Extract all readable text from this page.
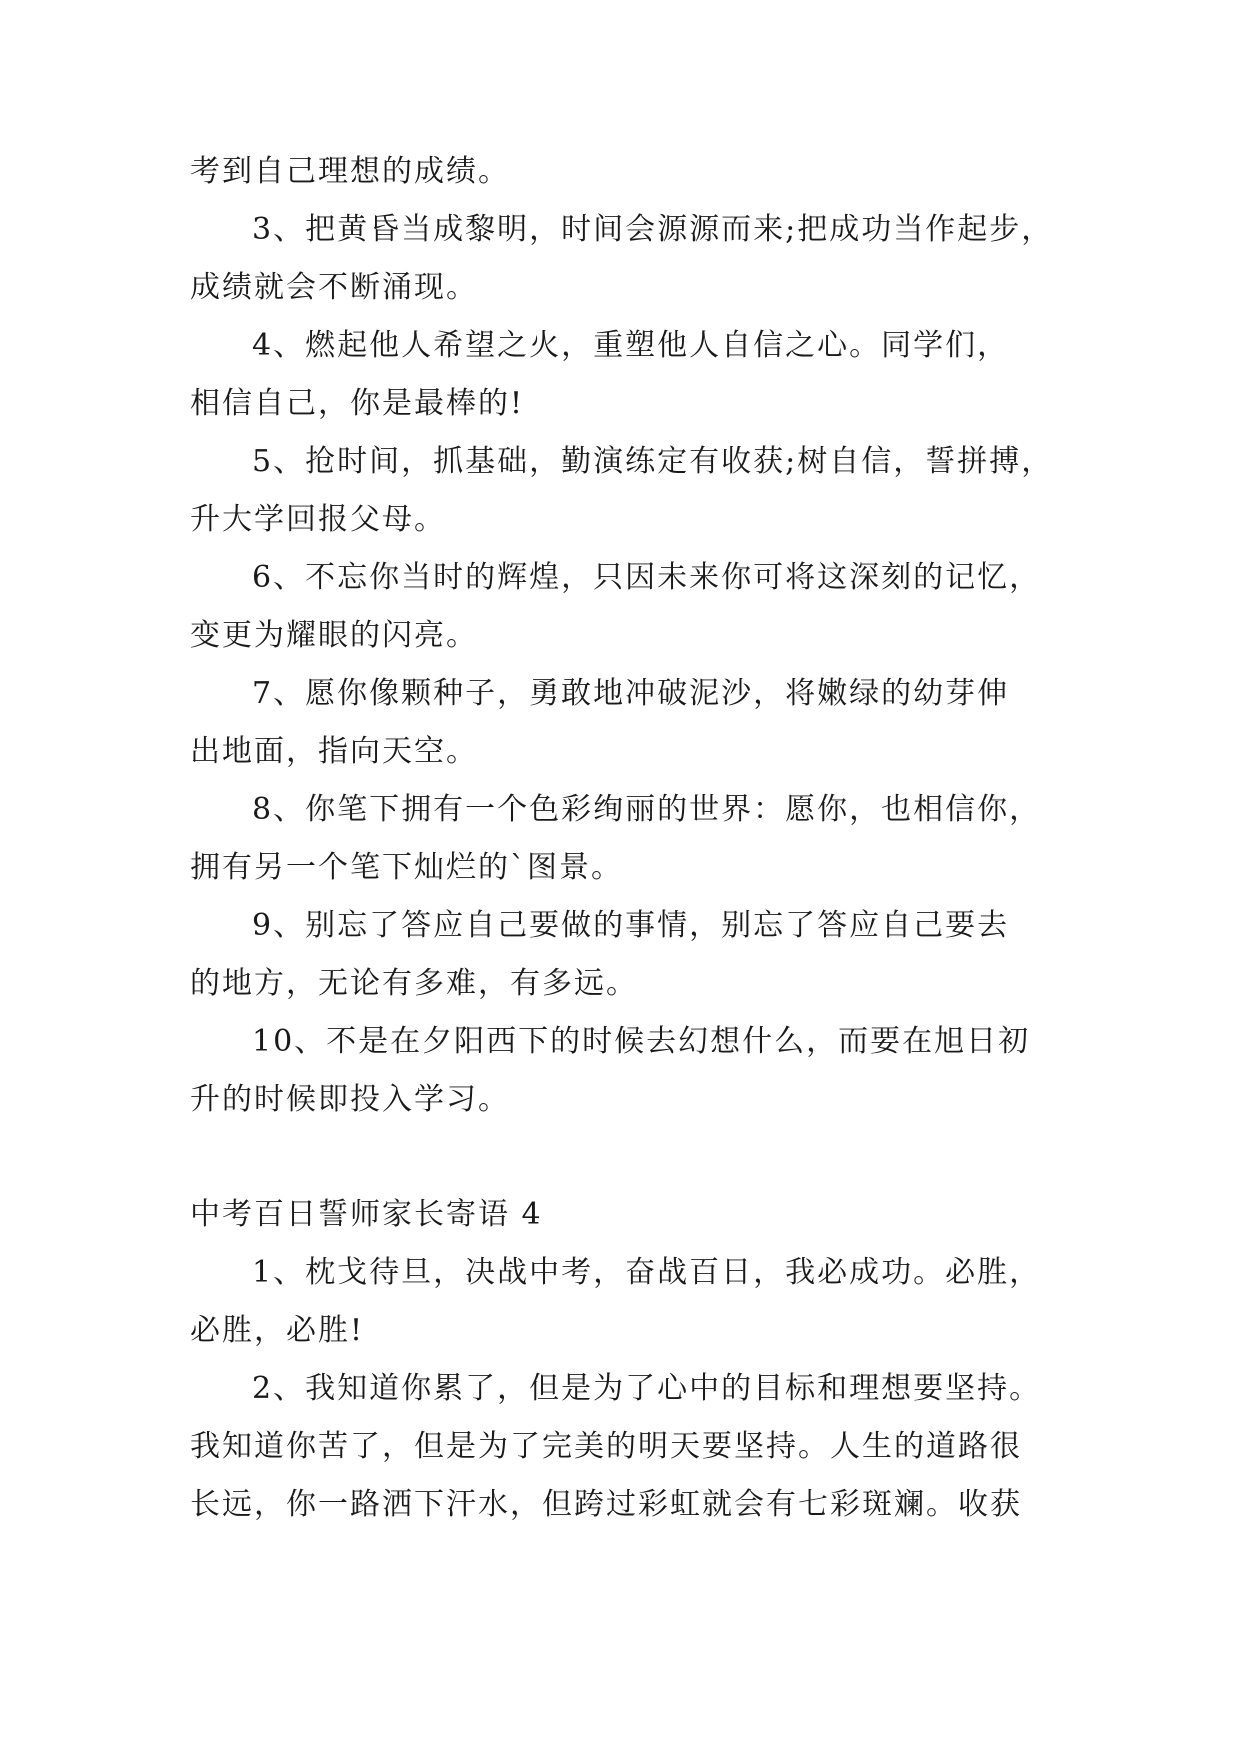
考到自己理想的成绩。
3、把黄昏当成黎明，时间会源源而来;把成功当作起步，
成绩就会不断涌现。
4、燃起他人希望之火，重塑他人自信之心。同学们，
相信自己，你是最棒的!
5、抢时间，抓基础，勤演练定有收获;树自信，誓拼搏，
升大学回报父母。
6、不忘你当时的辉煌，只因未来你可将这深刻的记忆，
变更为耀眼的闪亮。
7、愿你像颗种子，勇敢地冲破泥沙，将嫩绿的幼芽伸
出地面，指向天空。
8、你笔下拥有一个色彩绚丽的世界：愿你，也相信你，
拥有另一个笔下灿烂的`图景。
9、别忘了答应自己要做的事情，别忘了答应自己要去
的地方，无论有多难，有多远。
10、不是在夕阳西下的时候去幻想什么，而要在旭日初
升的时候即投入学习。
中考百日誓师家长寄语 4
1、枕戈待旦，决战中考，奋战百日，我必成功。必胜，
必胜，必胜!
2、我知道你累了，但是为了心中的目标和理想要坚持。
我知道你苦了，但是为了完美的明天要坚持。人生的道路很
长远，你一路洒下汗水，但跨过彩虹就会有七彩斑斓。收获
